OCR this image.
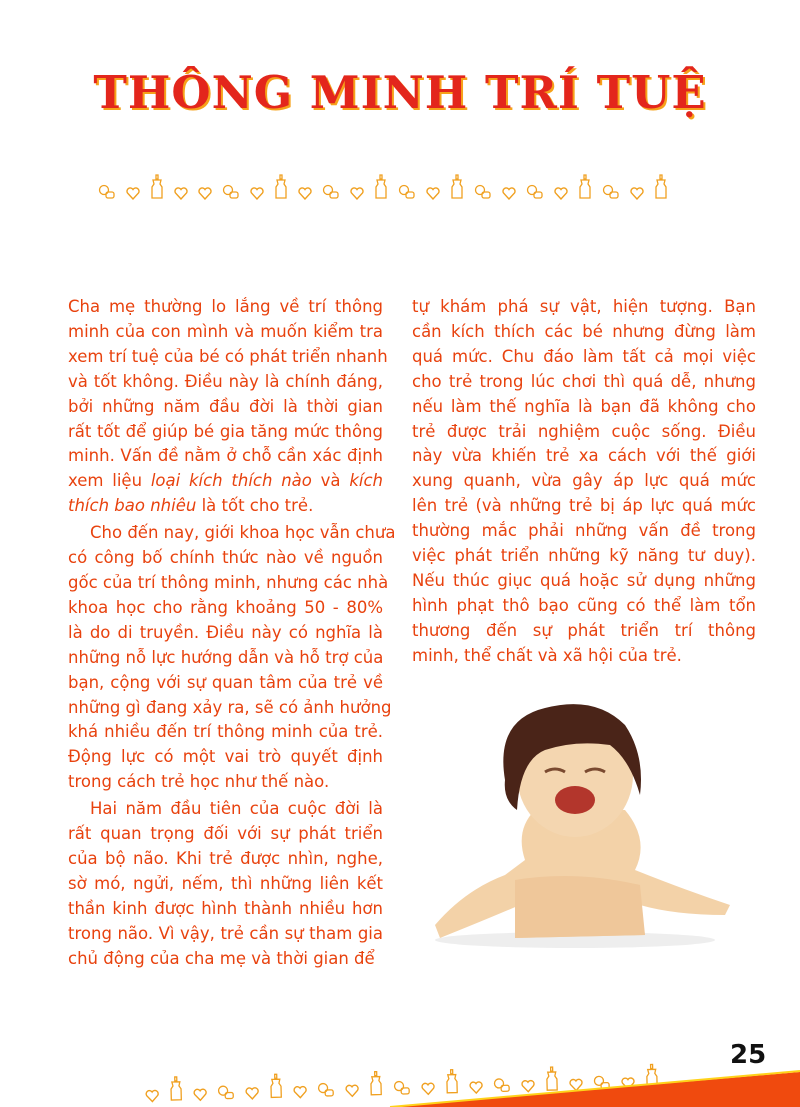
THÔNG MINH TRÍ TUỆ
Cha mẹ thường lo lắng về trí thông
minh của con mình và muốn kiểm tra
xem trí tuệ của bé có phát triển nhanh
và tốt không. Điều này là chính đáng,
bởi những năm đầu đời là thời gian
rất tốt để giúp bé gia tăng mức thông
minh. Vấn đề nằm ở chỗ cần xác định
xem liệu loại kích thích nào và kích
thích bao nhiêu là tốt cho trẻ.
Cho đến nay, giới khoa học vẫn chưa
có công bố chính thức nào về nguồn
gốc của trí thông minh, nhưng các nhà
khoa học cho rằng khoảng 50 - 80%
là do di truyền. Điều này có nghĩa là
những nỗ lực hướng dẫn và hỗ trợ của
bạn, cộng với sự quan tâm của trẻ về
những gì đang xảy ra, sẽ có ảnh hưởng
khá nhiều đến trí thông minh của trẻ.
Động lực có một vai trò quyết định
trong cách trẻ học như thế nào.
Hai năm đầu tiên của cuộc đời là
rất quan trọng đối với sự phát triển
của bộ não. Khi trẻ được nhìn, nghe,
sờ mó, ngửi, nếm, thì những liên kết
thần kinh được hình thành nhiều hơn
trong não. Vì vậy, trẻ cần sự tham gia
chủ động của cha mẹ và thời gian để
tự khám phá sự vật, hiện tượng. Bạn
cần kích thích các bé nhưng đừng làm
quá mức. Chu đáo làm tất cả mọi việc
cho trẻ trong lúc chơi thì quá dễ, nhưng
nếu làm thế nghĩa là bạn đã không cho
trẻ được trải nghiệm cuộc sống. Điều
này vừa khiến trẻ xa cách với thế giới
xung quanh, vừa gây áp lực quá mức
lên trẻ (và những trẻ bị áp lực quá mức
thường mắc phải những vấn đề trong
việc phát triển những kỹ năng tư duy).
Nếu thúc giục quá hoặc sử dụng những
hình phạt thô bạo cũng có thể làm tổn
thương đến sự phát triển trí thông
minh, thể chất và xã hội của trẻ.
25
